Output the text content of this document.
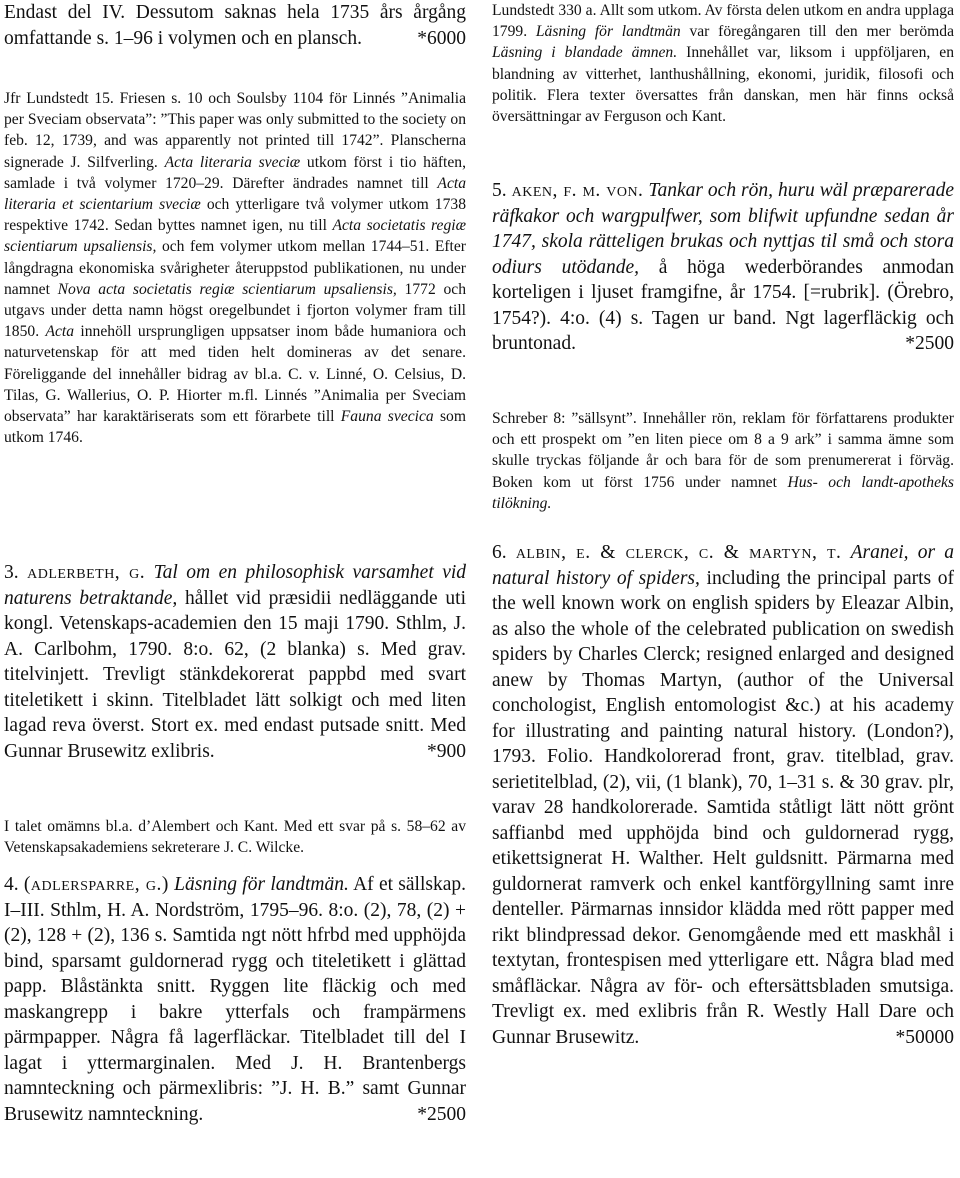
Endast del IV. Dessutom saknas hela 1735 års årgång omfattande s. 1–96 i volymen och en plansch.	*6000
Jfr Lundstedt 15. Friesen s. 10 och Soulsby 1104 för Linnés ”Animalia per Sveciam observata”: ”This paper was only submitted to the society on feb. 12, 1739, and was apparently not printed till 1742”. Planscherna signerade J. Silfverling. Acta literaria sveciæ utkom först i tio häften, samlade i två volymer 1720–29. Därefter ändrades namnet till Acta literaria et scientarium sveciæ och ytterligare två volymer utkom 1738 respektive 1742. Sedan byttes namnet igen, nu till Acta societatis regiæ scientiarum upsaliensis, och fem volymer utkom mellan 1744–51. Efter långdragna ekonomiska svårigheter återuppstod publikationen, nu under namnet Nova acta societatis regiæ scientiarum upsaliensis, 1772 och utgavs under detta namn högst oregelbundet i fjorton volymer fram till 1850. Acta innehöll ursprungligen uppsatser inom både humaniora och naturvetenskap för att med tiden helt domineras av det senare. Föreliggande del innehåller bidrag av bl.a. C. v. Linné, O. Celsius, D. Tilas, G. Wallerius, O. P. Hiorter m.fl. Linnés ”Animalia per Sveciam observata” har karaktäriserats som ett förarbete till Fauna svecica som utkom 1746.
3. adlerbeth, g. Tal om en philosophisk varsamhet vid naturens betraktande, hållet vid præsidii nedläggande uti kongl. Vetenskaps-academien den 15 maji 1790. Sthlm, J. A. Carlbohm, 1790. 8:o. 62, (2 blanka) s. Med grav. titelvinjett. Trevligt stänkdekorerat pappbd med svart titeletikett i skinn. Titelbladet lätt solkigt och med liten lagad reva överst. Stort ex. med endast putsade snitt. Med Gunnar Brusewitz exlibris.	*900
I talet omämns bl.a. d’Alembert och Kant. Med ett svar på s. 58–62 av Vetenskapsakademiens sekreterare J. C. Wilcke.
4. (adlersparre, g.) Läsning för landtmän. Af et sällskap. I–III. Sthlm, H. A. Nordström, 1795–96. 8:o. (2), 78, (2) + (2), 128 + (2), 136 s. Samtida ngt nött hfrbd med upphöjda bind, sparsamt guldornerad rygg och titeletikett i glättad papp. Blåstänkta snitt. Ryggen lite fläckig och med maskangrepp i bakre ytterfals och frampärmens pärmpapper. Några få lagerfläckar. Titelbladet till del I lagat i yttermarginalen. Med J. H. Brantenbergs namnteckning och pärmexlibris: ”J. H. B.” samt Gunnar Brusewitz namnteckning.	*2500
Lundstedt 330 a. Allt som utkom. Av första delen utkom en andra upplaga 1799. Läsning för landtmän var föregångaren till den mer berömda Läsning i blandade ämnen. Innehållet var, liksom i uppföljaren, en blandning av vitterhet, lanthushållning, ekonomi, juridik, filosofi och politik. Flera texter översattes från danskan, men här finns också översättningar av Ferguson och Kant.
5. aken, f. m. von. Tankar och rön, huru wäl præparerade räfkakor och wargpulfwer, som blifwit upfundne sedan år 1747, skola rätteligen brukas och nyttjas til små och stora odiurs utödande, å höga wederbörandes anmodan korteligen i ljuset framgifne, år 1754. [=rubrik]. (Örebro, 1754?). 4:o. (4) s. Tagen ur band. Ngt lagerfläckig och bruntonad.	*2500
Schreber 8: ”sällsynt”. Innehåller rön, reklam för författarens produkter och ett prospekt om ”en liten piece om 8 a 9 ark” i samma ämne som skulle tryckas följande år och bara för de som prenumererat i förväg. Boken kom ut först 1756 under namnet Hus- och landt-apotheks tilökning.
6. albin, e. & clerck, c. & martyn, t. Aranei, or a natural history of spiders, including the principal parts of the well known work on english spiders by Eleazar Albin, as also the whole of the celebrated publication on swedish spiders by Charles Clerck; resigned enlarged and designed anew by Thomas Martyn, (author of the Universal conchologist, English entomologist &c.) at his academy for illustrating and painting natural history. (London?), 1793. Folio. Handkolorerad front, grav. titelblad, grav. serietitelblad, (2), vii, (1 blank), 70, 1–31 s. & 30 grav. plr, varav 28 handkolorerade. Samtida ståtligt lätt nött grönt saffianbd med upphöjda bind och guldornerad rygg, etikettsignerat H. Walther. Helt guldsnitt. Pärmarna med guldornerat ramverk och enkel kantförgyllning samt inre denteller. Pärmarnas innsidor klädda med rött papper med rikt blindpressad dekor. Genomgående med ett maskhål i textytan, frontespisen med ytterligare ett. Några blad med småfläckar. Några av för- och eftersättsbladen smutsiga. Trevligt ex. med exlibris från R. Westly Hall Dare och Gunnar Brusewitz.	*50000
